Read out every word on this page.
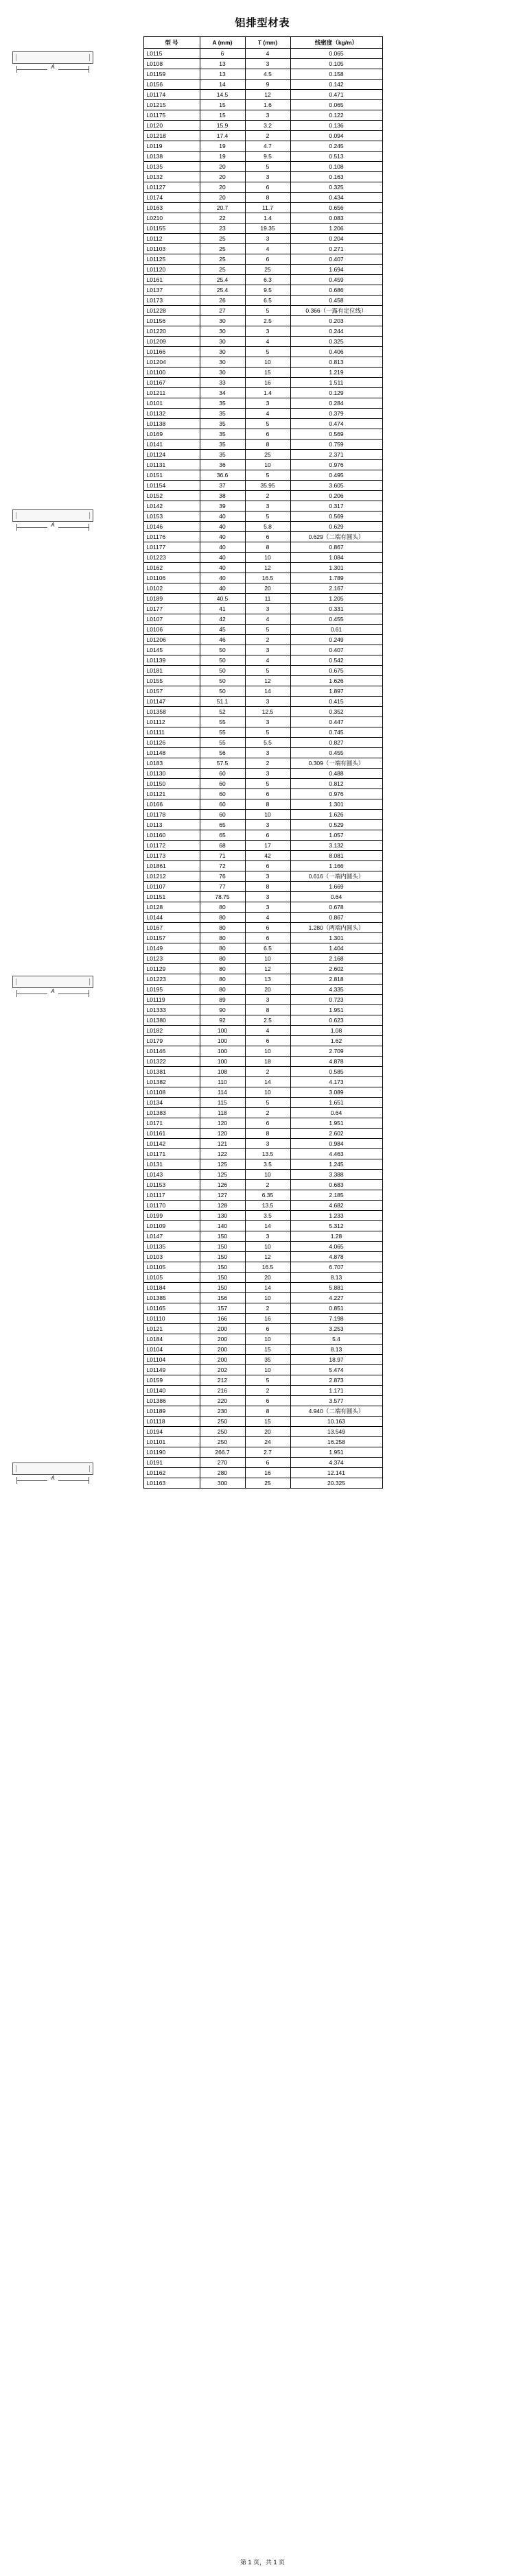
铝排型材表
A
A
A
A
型 号	A (mm)	T (mm)	线密度（kg/m）
L0115	6	4	0.065
L0108	13	3	0.105
L01159	13	4.5	0.158
L0156	14	9	0.142
L01174	14.5	12	0.471
L01215	15	1.6	0.065
L01175	15	3	0.122
L0120	15.9	3.2	0.136
L01218	17.4	2	0.094
L0119	19	4.7	0.245
L0138	19	9.5	0.513
L0135	20	5	0.108
L0132	20	3	0.163
L01127	20	6	0.325
L0174	20	8	0.434
L0163	20.7	11.7	0.656
L0210	22	1.4	0.083
L01155	23	19.35	1.206
L0112	25	3	0.204
L01103	25	4	0.271
L01125	25	6	0.407
L01120	25	25	1.694
L0161	25.4	6.3	0.459
L0137	25.4	9.5	0.686
L0173	26	6.5	0.458
L01228	27	5	0.366（一露有定位线）
L01156	30	2.5	0.203
L01220	30	3	0.244
L01209	30	4	0.325
L01166	30	5	0.406
L01204	30	10	0.813
L01100	30	15	1.219
L01167	33	16	1.511
L01211	34	1.4	0.129
L0101	35	3	0.284
L01132	35	4	0.379
L01138	35	5	0.474
L0169	35	6	0.569
L0141	35	8	0.759
L01124	35	25	2.371
L01131	36	10	0.976
L0151	36.6	5	0.495
L01154	37	35.95	3.605
L0152	38	2	0.206
L0142	39	3	0.317
L0153	40	5	0.569
L0146	40	5.8	0.629
L01176	40	6	0.629（二端有圆头）
L01177	40	8	0.867
L01223	40	10	1.084
L0162	40	12	1.301
L01106	40	16.5	1.789
L0102	40	20	2.167
L0189	40.5	11	1.205
L0177	41	3	0.331
L0107	42	4	0.455
L0106	45	5	0.61
L01206	46	2	0.249
L0145	50	3	0.407
L01139	50	4	0.542
L0181	50	5	0.675
L0155	50	12	1.626
L0157	50	14	1.897
L01147	51.1	3	0.415
L01358	52	12.5	0.352
L01112	55	3	0.447
L01111	55	5	0.745
L01126	55	5.5	0.827
L01148	56	3	0.455
L0183	57.5	2	0.309（一端有圆头）
L01130	60	3	0.488
L01150	60	5	0.812
L01121	60	6	0.976
L0166	60	8	1.301
L01178	60	10	1.626
L0113	65	3	0.529
L01160	65	6	1.057
L01172	68	17	3.132
L01173	71	42	8.081
L01861	72	6	1.166
L01212	76	3	0.616（一端内圆头）
L01107	77	8	1.669
L01151	78.75	3	0.64
L0128	80	3	0.678
L0144	80	4	0.867
L0167	80	6	1.280（两端内圆头）
L01157	80	6	1.301
L0149	80	6.5	1.404
L0123	80	10	2.168
L01129	80	12	2.602
L01223	80	13	2.818
L0195	80	20	4.335
L01119	89	3	0.723
L01333	90	8	1.951
L01380	92	2.5	0.623
L0182	100	4	1.08
L0179	100	6	1.62
L01146	100	10	2.709
L01322	100	18	4.878
L01381	108	2	0.585
L01382	110	14	4.173
L01108	114	10	3.089
L0134	115	5	1.651
L01383	118	2	0.64
L0171	120	6	1.951
L01161	120	8	2.602
L01142	121	3	0.984
L01171	122	13.5	4.463
L0131	125	3.5	1.245
L0143	125	10	3.388
L01153	126	2	0.683
L01117	127	6.35	2.185
L01170	128	13.5	4.682
L0199	130	3.5	1.233
L01109	140	14	5.312
L0147	150	3	1.28
L01135	150	10	4.065
L0103	150	12	4.878
L01105	150	16.5	6.707
L0105	150	20	8.13
L01184	150	14	5.881
L01385	156	10	4.227
L01165	157	2	0.851
L01110	166	16	7.198
L0121	200	6	3.253
L0184	200	10	5.4
L0104	200	15	8.13
L01104	200	35	18.97
L01149	202	10	5.474
L0159	212	5	2.873
L01140	216	2	1.171
L01386	220	6	3.577
L01189	230	8	4.940（二端有圆头）
L01118	250	15	10.163
L0194	250	20	13.549
L01101	250	24	16.258
L01190	266.7	2.7	1.951
L0191	270	6	4.374
L01162	280	16	12.141
L01163	300	25	20.325
第 1 页，共 1 页
